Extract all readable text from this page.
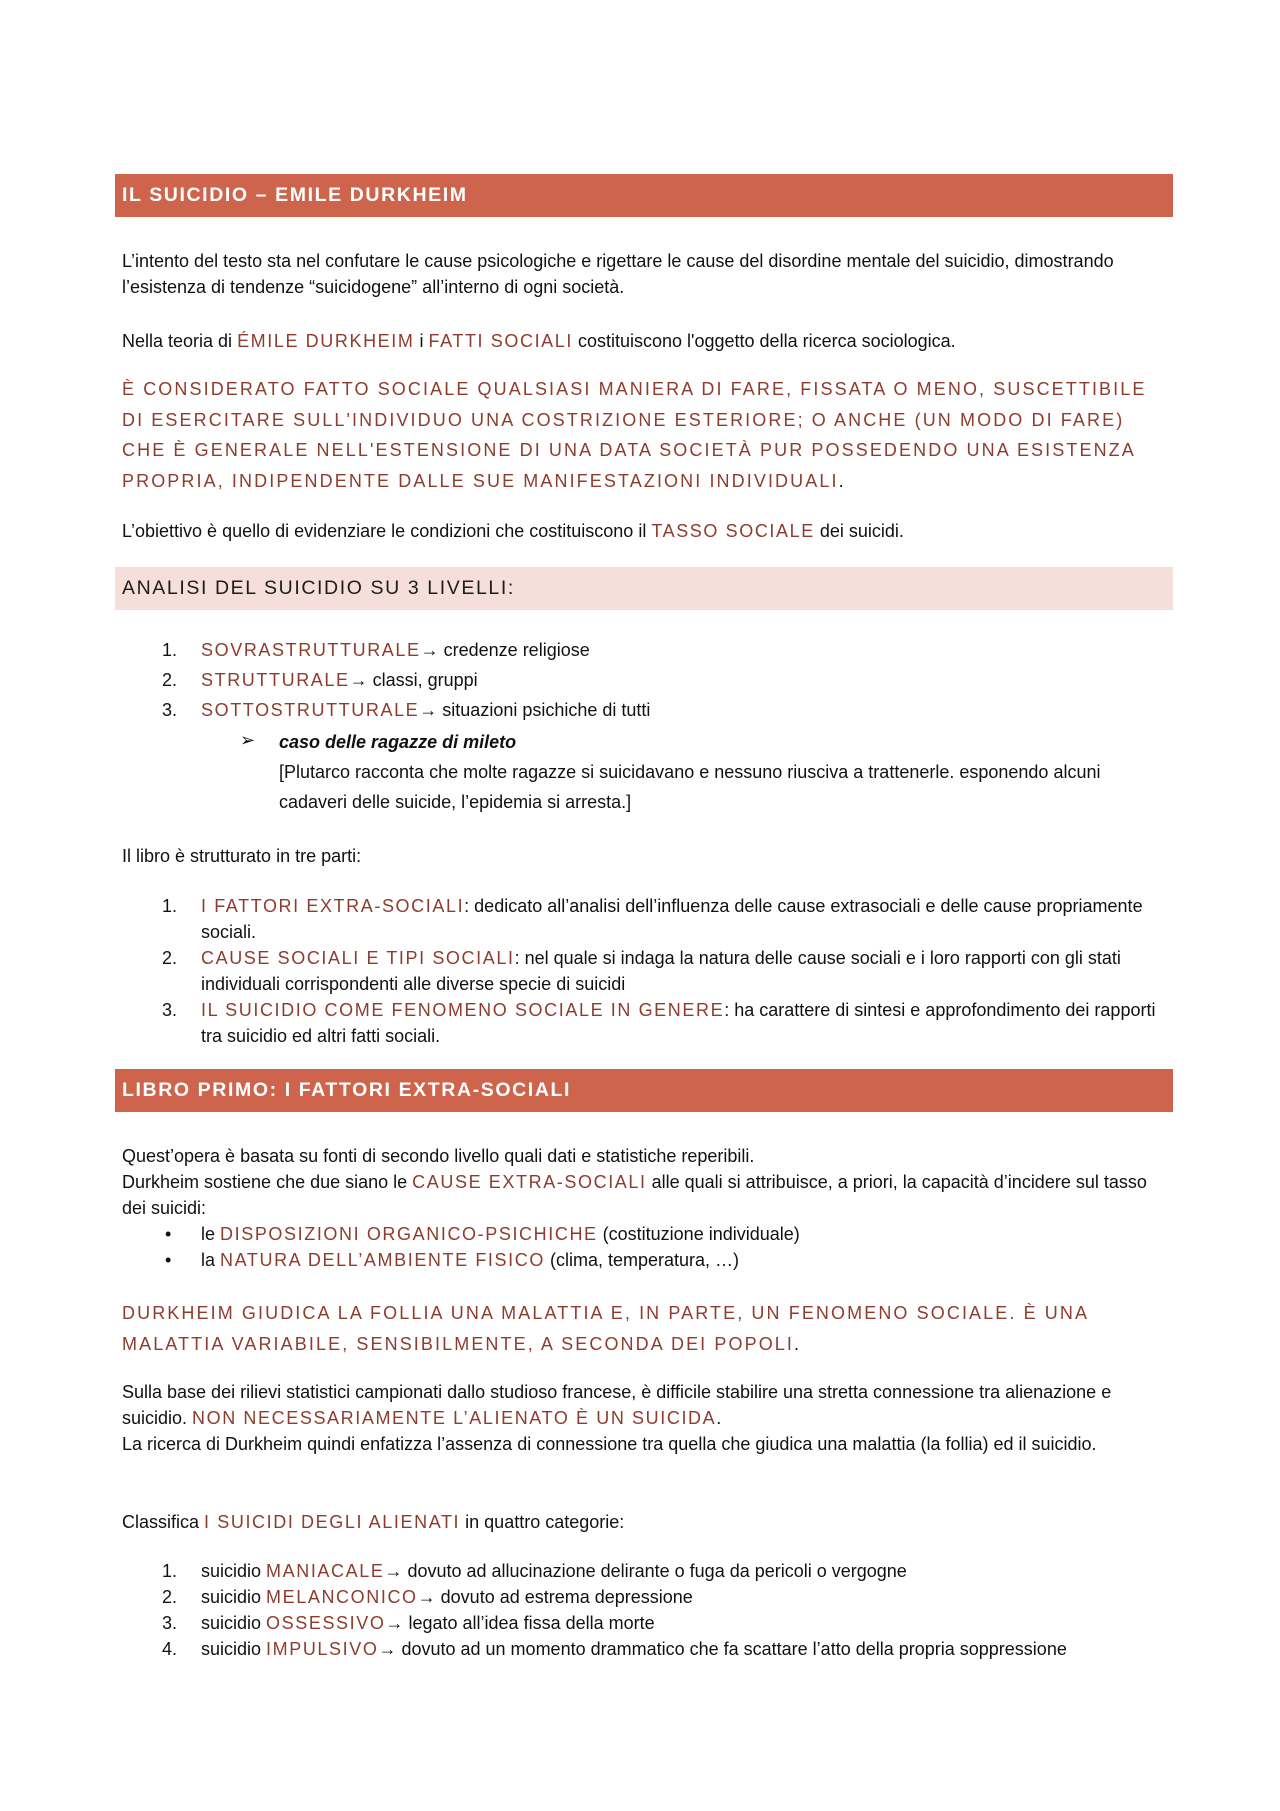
IL SUICIDIO – EMILE DURKHEIM
L’intento del testo sta nel confutare le cause psicologiche e rigettare le cause del disordine mentale del suicidio, dimostrando l’esistenza di tendenze “suicidogene” all’interno di ogni società.
Nella teoria di ÉMILE DURKHEIM i FATTI SOCIALI costituiscono l'oggetto della ricerca sociologica.
È CONSIDERATO FATTO SOCIALE QUALSIASI MANIERA DI FARE, FISSATA O MENO, SUSCETTIBILE DI ESERCITARE SULL'INDIVIDUO UNA COSTRIZIONE ESTERIORE; O ANCHE (UN MODO DI FARE) CHE È GENERALE NELL'ESTENSIONE DI UNA DATA SOCIETÀ PUR POSSEDENDO UNA ESISTENZA PROPRIA, INDIPENDENTE DALLE SUE MANIFESTAZIONI INDIVIDUALI.
L’obiettivo è quello di evidenziare le condizioni che costituiscono il TASSO SOCIALE dei suicidi.
ANALISI DEL SUICIDIO SU 3 LIVELLI:
1. SOVRASTRUTTURALE→ credenze religiose
2. STRUTTURALE→ classi, gruppi
3. SOTTOSTRUTTURALE→ situazioni psichiche di tutti
➢ caso delle ragazze di mileto
[Plutarco racconta che molte ragazze si suicidavano e nessuno riusciva a trattenerle. esponendo alcuni cadaveri delle suicide, l’epidemia si arresta.]
Il libro è strutturato in tre parti:
1. I FATTORI EXTRA-SOCIALI: dedicato all’analisi dell’influenza delle cause extrasociali e delle cause propriamente sociali.
2. CAUSE SOCIALI E TIPI SOCIALI: nel quale si indaga la natura delle cause sociali e i loro rapporti con gli stati individuali corrispondenti alle diverse specie di suicidi
3. IL SUICIDIO COME FENOMENO SOCIALE IN GENERE: ha carattere di sintesi e approfondimento dei rapporti tra suicidio ed altri fatti sociali.
LIBRO PRIMO: I FATTORI EXTRA-SOCIALI
Quest’opera è basata su fonti di secondo livello quali dati e statistiche reperibili.
Durkheim sostiene che due siano le CAUSE EXTRA-SOCIALI alle quali si attribuisce, a priori, la capacità d’incidere sul tasso dei suicidi:
• le DISPOSIZIONI ORGANICO-PSICHICHE (costituzione individuale)
• la NATURA DELL’AMBIENTE FISICO (clima, temperatura, …)
DURKHEIM GIUDICA LA FOLLIA UNA MALATTIA E, IN PARTE, UN FENOMENO SOCIALE. È UNA MALATTIA VARIABILE, SENSIBILMENTE, A SECONDA DEI POPOLI.
Sulla base dei rilievi statistici campionati dallo studioso francese, è difficile stabilire una stretta connessione tra alienazione e suicidio. NON NECESSARIAMENTE L’ALIENATO È UN SUICIDA.
La ricerca di Durkheim quindi enfatizza l’assenza di connessione tra quella che giudica una malattia (la follia) ed il suicidio.
Classifica I SUICIDI DEGLI ALIENATI in quattro categorie:
1. suicidio MANIACALE→ dovuto ad allucinazione delirante o fuga da pericoli o vergogne
2. suicidio MELANCONICO→ dovuto ad estrema depressione
3. suicidio OSSESSIVO→ legato all’idea fissa della morte
4. suicidio IMPULSIVO→ dovuto ad un momento drammatico che fa scattare l’atto della propria soppressione
